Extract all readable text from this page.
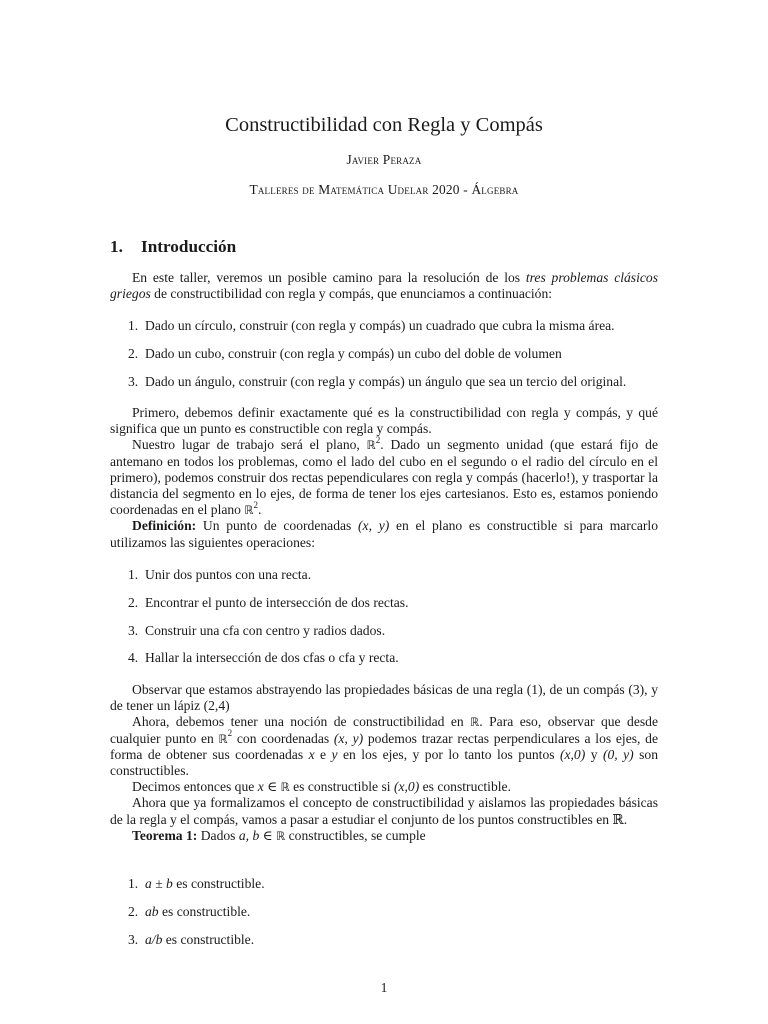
Constructibilidad con Regla y Compás
Javier Peraza
Talleres de Matemática Udelar 2020 - Álgebra
1. Introducción

En este taller, veremos un posible camino para la resolución de los tres problemas clásicos griegos de constructibilidad con regla y compás, que enunciamos a continuación:

1. Dado un círculo, construir (con regla y compás) un cuadrado que cubra la misma área.
2. Dado un cubo, construir (con regla y compás) un cubo del doble de volumen
3. Dado un ángulo, construir (con regla y compás) un ángulo que sea un tercio del original.

Primero, debemos definir exactamente qué es la constructibilidad con regla y compás, y qué significa que un punto es constructible con regla y compás.

Nuestro lugar de trabajo será el plano, ℝ$^2$. Dado un segmento unidad (que estará fijo de antemano en todos los problemas, como el lado del cubo en el segundo o el radio del círculo en el primero), podemos construir dos rectas pependiculares con regla y compás (hacerlo!), y trasportar la distancia del segmento en lo ejes, de forma de tener los ejes cartesianos. Esto es, estamos poniendo coordenadas en el plano ℝ$^2$.

Definición: Un punto de coordenadas (x, y) en el plano es constructible si para marcarlo utilizamos las siguientes operaciones:

1. Unir dos puntos con una recta.
2. Encontrar el punto de intersección de dos rectas.
3. Construir una cfa con centro y radios dados.
4. Hallar la intersección de dos cfas o cfa y recta.

Observar que estamos abstrayendo las propiedades básicas de una regla (1), de un compás (3), y de tener un lápiz (2,4)

Ahora, debemos tener una noción de constructibilidad en ℝ. Para eso, observar que desde cualquier punto en ℝ$^2$ con coordenadas (x, y) podemos trazar rectas perpendiculares a los ejes, de forma de obtener sus coordenadas x e y en los ejes, y por lo tanto los puntos (x,0) y (0, y) son constructibles.

Decimos entonces que x ∈ ℝ es constructible si (x,0) es constructible.

Ahora que ya formalizamos el concepto de constructibilidad y aislamos las propiedades básicas de la regla y el compás, vamos a pasar a estudiar el conjunto de los puntos constructibles en ℝ.

Teorema 1: Dados a, b ∈ ℝ constructibles, se cumple

1. a ± b es constructible.
2. ab es constructible.
3. a/b es constructible.
1
